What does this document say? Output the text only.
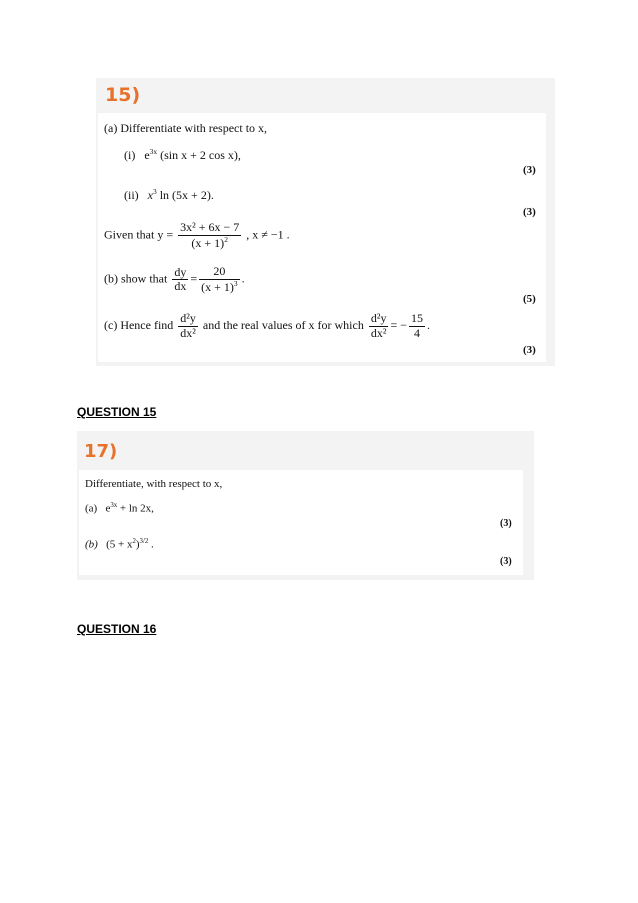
15)
(a) Differentiate with respect to x,
(i) $e^{3x}$ (sin x + 2 cos x),
(3)
(ii) $x^3$ ln (5x + 2).
(3)
Given that $y = \frac{\text{3x² + 6x − 7}}{(x + 1)^2}$ , x ≠ −1 .
(b) show that $\frac{dy}{dx} = \frac{20}{(x + 1)^3}$ .
(5)
(c) Hence find $\frac{\text{d²y}}{\text{dx²}}$ and the real values of x for which $\frac{\text{d²y}}{\text{dx²}}$ = − $\frac{15}{4}$ .
(3)
QUESTION 15
17)
Differentiate, with respect to x,
(a) $e^{3x} + \ln 2x$,
(3)
(b) $(5 + x^2)^{3/2}$ .
(3)
QUESTION 16
